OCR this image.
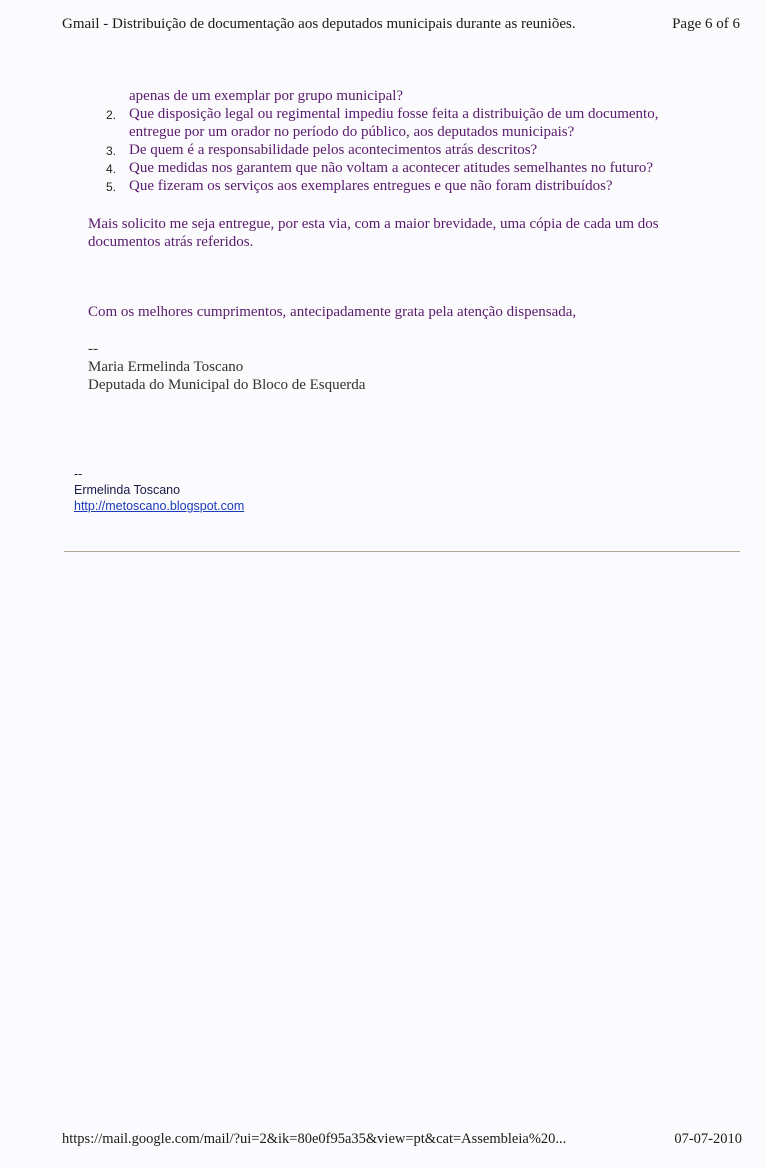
Gmail - Distribuição de documentação aos deputados municipais durante as reuniões.	Page 6 of 6

apenas de um exemplar por grupo municipal?

2. Que disposição legal ou regimental impediu fosse feita a distribuição de um documento,
entregue por um orador no período do público, aos deputados municipais?
3. De quem é a responsabilidade pelos acontecimentos atrás descritos?
4. Que medidas nos garantem que não voltam a acontecer atitudes semelhantes no futuro?
5. Que fizeram os serviços aos exemplares entregues e que não foram distribuídos?

Mais solicito me seja entregue, por esta via, com a maior brevidade, uma cópia de cada um dos documentos atrás referidos.

Com os melhores cumprimentos, antecipadamente grata pela atenção dispensada,

--
Maria Ermelinda Toscano
Deputada do Municipal do Bloco de Esquerda
--
Ermelinda Toscano
http://metoscano.blogspot.com
https://mail.google.com/mail/?ui=2&ik=80e0f95a35&view=pt&cat=Assembleia%20...	07-07-2010
